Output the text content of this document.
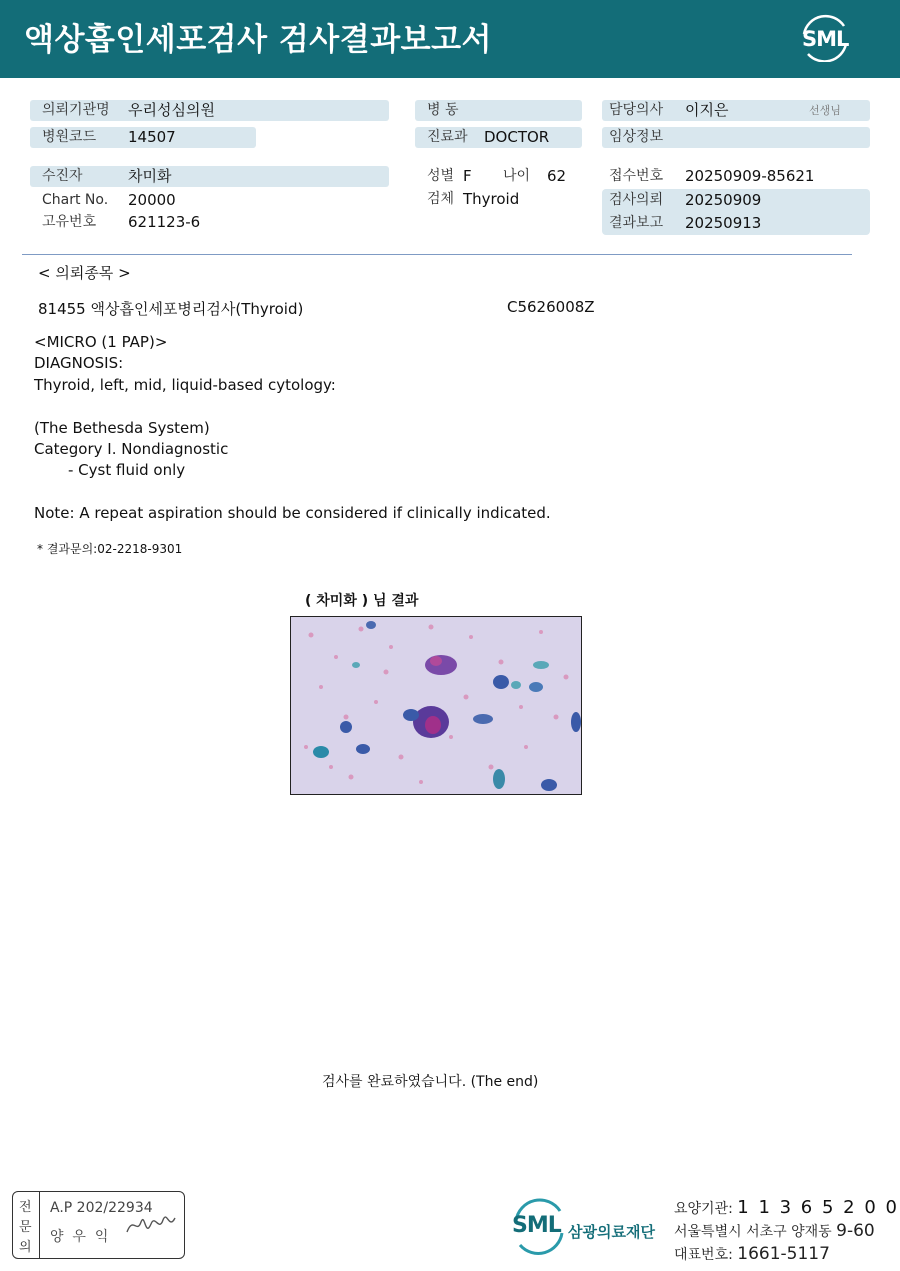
액상흡인세포검사 검사결과보고서	SML
의뢰기관명 우리성심의원
병원코드 14507
병 동
진료과 DOCTOR
담당의사 이지은	선생님
임상정보
수진자	차미화
Chart No. 20000
고유번호 621123-6
성별 F 나이 62
검체 Thyroid
접수번호 20250909-85621
검사의뢰 20250909
결과보고 20250913
< 의뢰종목 >
81455 액상흡인세포병리검사(Thyroid)	C5626008Z
<MICRO (1 PAP)>
DIAGNOSIS:
Thyroid, left, mid, liquid-based cytology:
(The Bethesda System)
Category I. Nondiagnostic
- Cyst fluid only
Note: A repeat aspiration should be considered if clinically indicated.
* 결과문의:02-2218-9301
( 차미화 ) 님 결과
검사를 완료하였습니다. (The end)
전
문
의
A.P 202/22934
양  우  익	SML 삼광의료재단
요양기관: 1 1 3 6 5 2 0 0
서울특별시 서초구 양재동 9-60
대표번호: 1661-5117
